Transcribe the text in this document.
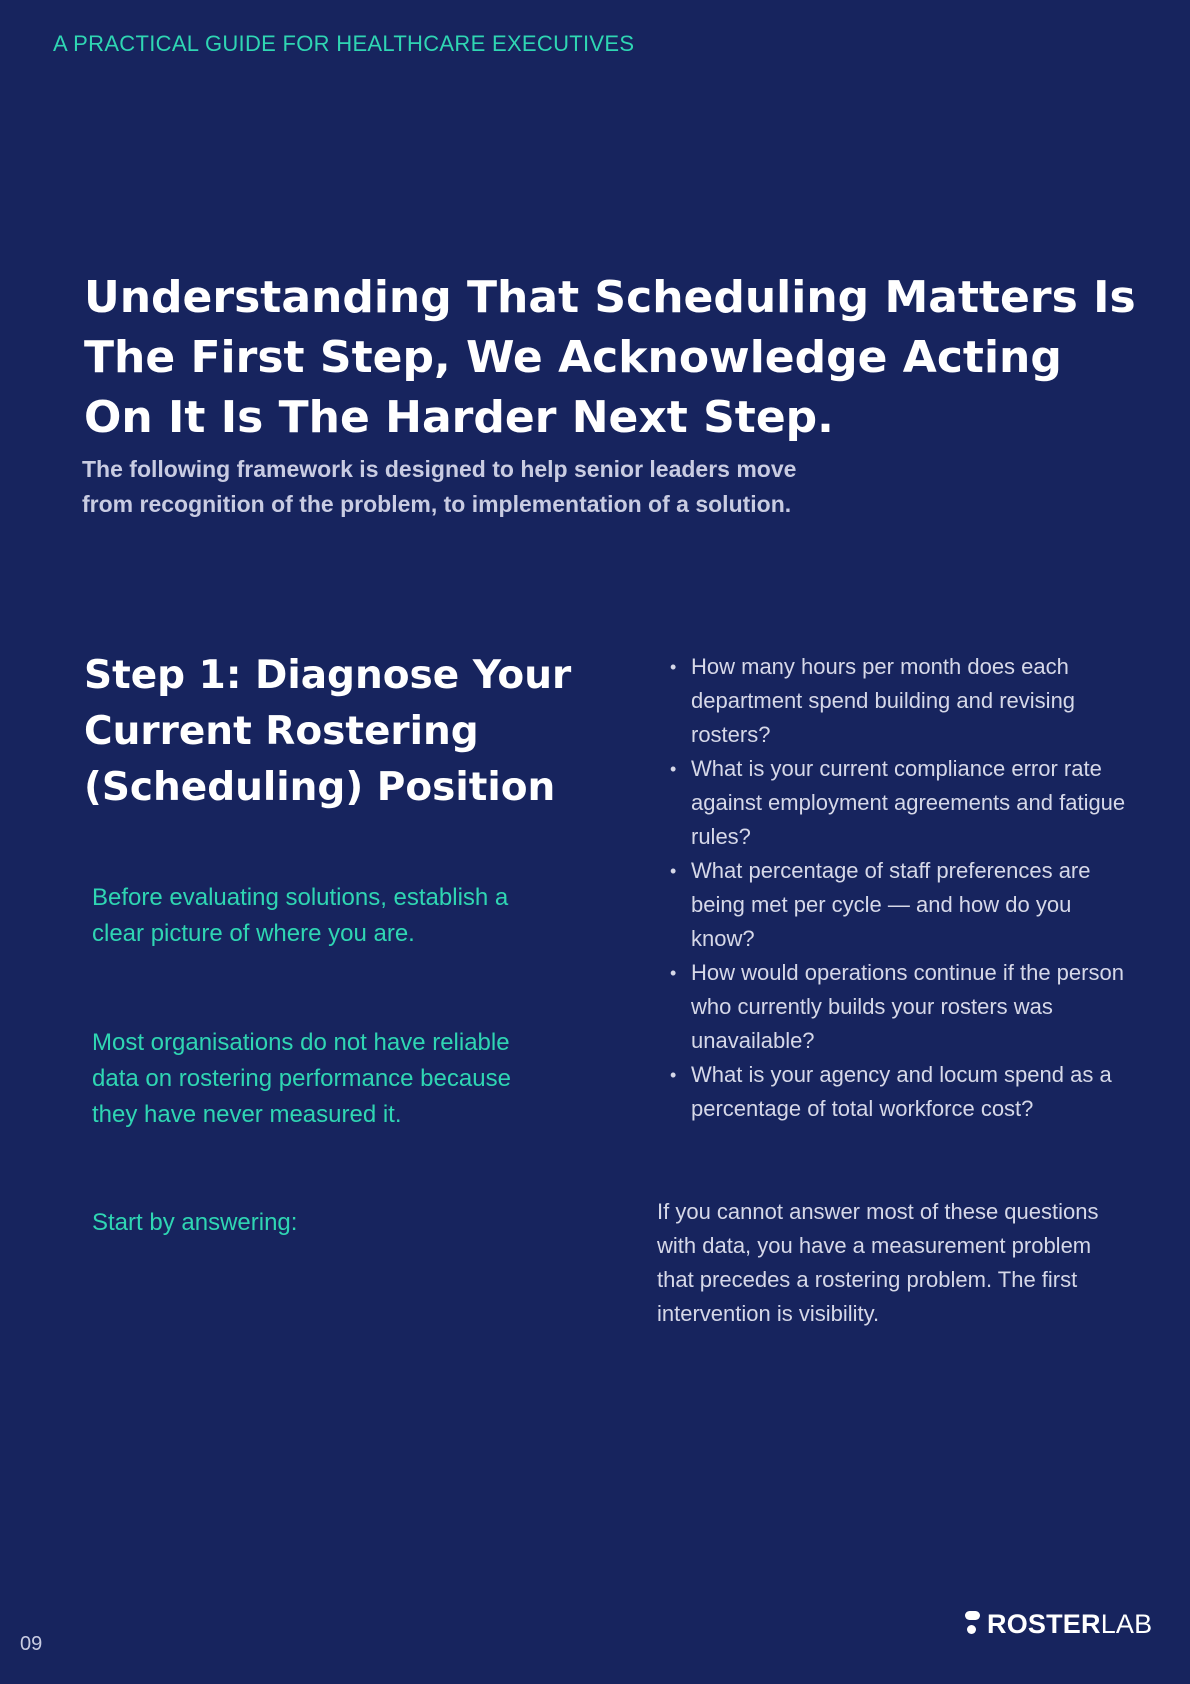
A PRACTICAL GUIDE FOR HEALTHCARE EXECUTIVES
Understanding That Scheduling Matters Is The First Step, We Acknowledge Acting On It Is The Harder Next Step.

The following framework is designed to help senior leaders move
from recognition of the problem, to implementation of a solution.

Step 1: Diagnose Your Current Rostering (Scheduling) Position

Before evaluating solutions, establish a clear picture of where you are.

Most organisations do not have reliable data on rostering performance because they have never measured it.

Start by answering:

• How many hours per month does each department spend building and revising rosters?
• What is your current compliance error rate against employment agreements and fatigue rules?
• What percentage of staff preferences are being met per cycle — and how do you know?
• How would operations continue if the person who currently builds your rosters was unavailable?
• What is your agency and locum spend as a percentage of total workforce cost?

If you cannot answer most of these questions with data, you have a measurement problem that precedes a rostering problem. The first intervention is visibility.

09
ROSTERLAB
